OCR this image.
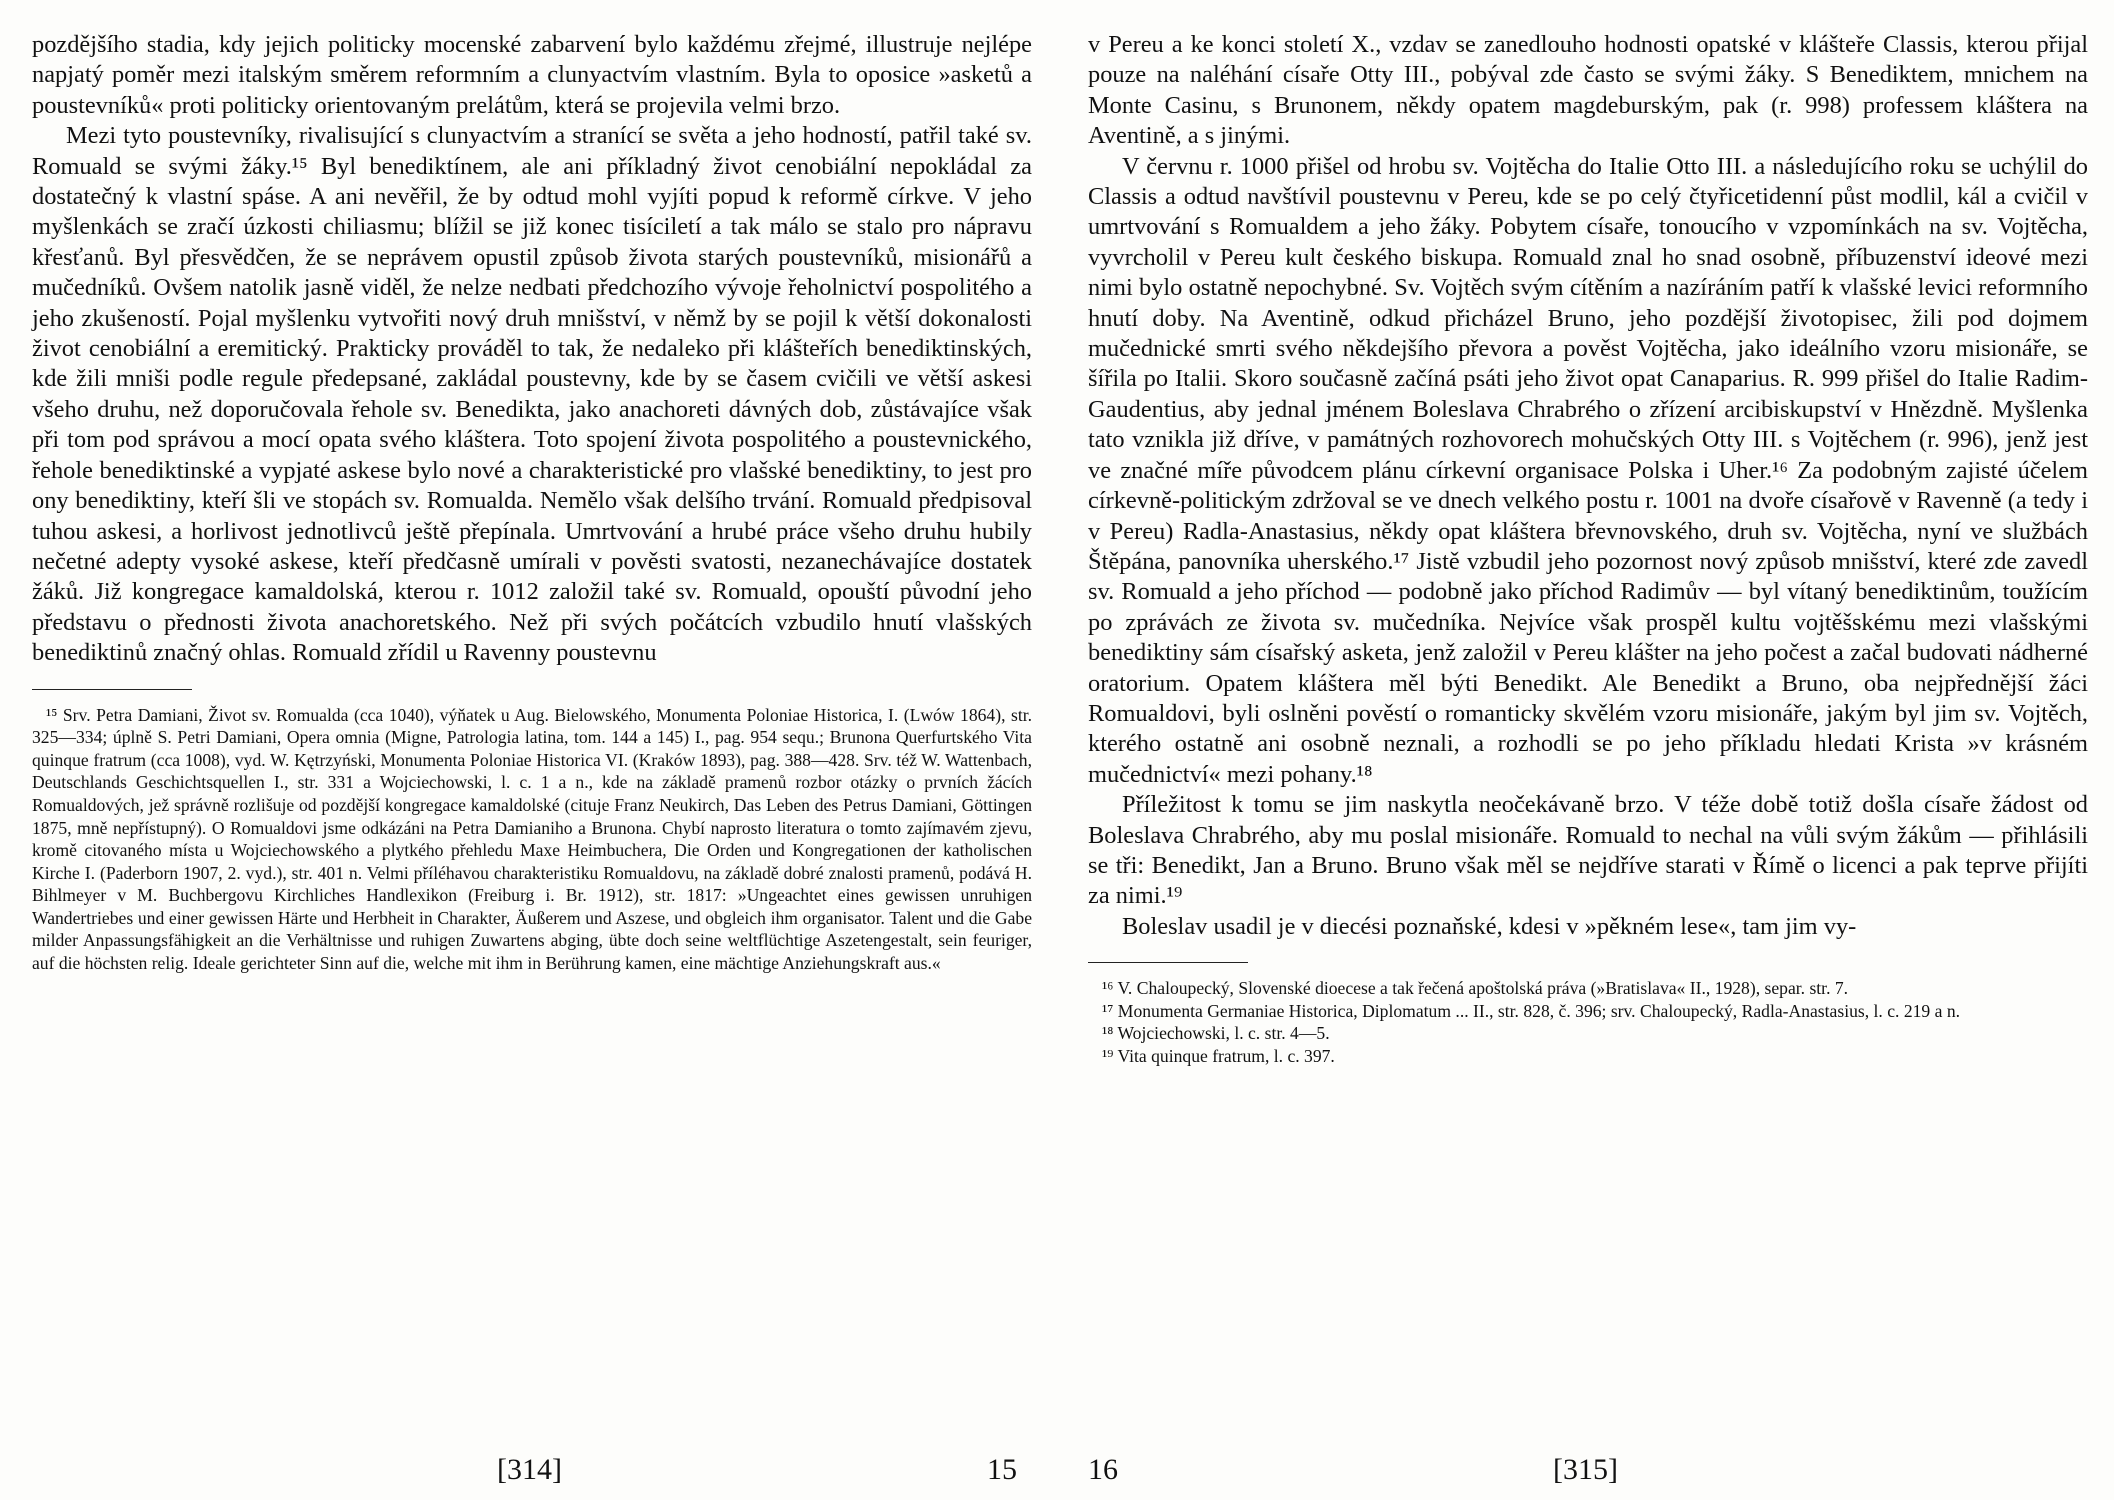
pozdějšího stadia, kdy jejich politicky mocenské zabarvení bylo každému zřejmé, illustruje nejlépe napjatý poměr mezi italským směrem reformním a clunyactvím vlastním. Byla to oposice »asketů a poustevníků« proti politicky orientovaným prelátům, která se projevila velmi brzo.

Mezi tyto poustevníky, rivalisující s clunyactvím a stranící se světa a jeho hodností, patřil také sv. Romuald se svými žáky.¹⁵ Byl benediktínem, ale ani příkladný život cenobiální nepokládal za dostatečný k vlastní spáse. A ani nevěřil, že by odtud mohl vyjíti popud k reformě církve. V jeho myšlenkách se zračí úzkosti chiliasmu; blížil se již konec tisíciletí a tak málo se stalo pro nápravu křesťanů. Byl přesvědčen, že se neprávem opustil způsob života starých poustevníků, misionářů a mučedníků. Ovšem natolik jasně viděl, že nelze nedbati předchozího vývoje řeholnictví pospolitého a jeho zkušeností. Pojal myšlenku vytvořiti nový druh mnišství, v němž by se pojil k větší dokonalosti život cenobiální a eremitický. Prakticky prováděl to tak, že nedaleko při klášteřích benediktinských, kde žili mniši podle regule předepsané, zakládal poustevny, kde by se časem cvičili ve větší askesi všeho druhu, než doporučovala řehole sv. Benedikta, jako anachoreti dávných dob, zůstávajíce však při tom pod správou a mocí opata svého kláštera. Toto spojení života pospolitého a poustevnického, řehole benediktinské a vypjaté askese bylo nové a charakteristické pro vlašské benediktiny, to jest pro ony benediktiny, kteří šli ve stopách sv. Romualda. Nemělo však delšího trvání. Romuald předpisoval tuhou askesi, a horlivost jednotlivců ještě přepínala. Umrtvování a hrubé práce všeho druhu hubily nečetné adepty vysoké askese, kteří předčasně umírali v pověsti svatosti, nezanechávajíce dostatek žáků. Již kongregace kamaldolská, kterou r. 1012 založil také sv. Romuald, opouští původní jeho představu o přednosti života anachoretského. Než při svých počátcích vzbudilo hnutí vlašských benediktinů značný ohlas. Romuald zřídil u Ravenny poustevnu

¹⁵ Srv. Petra Damiani, Život sv. Romualda (cca 1040), výňatek u Aug. Bielowského, Monumenta Poloniae Historica, I. (Lwów 1864), str. 325—334; úplně S. Petri Damiani, Opera omnia (Migne, Patrologia latina, tom. 144 a 145) I., pag. 954 sequ.; Brunona Querfurtského Vita quinque fratrum (cca 1008), vyd. W. Kętrzyński, Monumenta Poloniae Historica VI. (Kraków 1893), pag. 388—428. Srv. též W. Wattenbach, Deutschlands Geschichtsquellen I., str. 331 a Wojciechowski, l. c. 1 a n., kde na základě pramenů rozbor otázky o prvních žácích Romualdových, jež správně rozlišuje od pozdější kongregace kamaldolské (cituje Franz Neukirch, Das Leben des Petrus Damiani, Göttingen 1875, mně nepřístupný). O Romualdovi jsme odkázáni na Petra Damianiho a Brunona. Chybí naprosto literatura o tomto zajímavém zjevu, kromě citovaného místa u Wojciechowského a plytkého přehledu Maxe Heimbuchera, Die Orden und Kongregationen der katholischen Kirche I. (Paderborn 1907, 2. vyd.), str. 401 n. Velmi příléhavou charakteristiku Romualdovu, na základě dobré znalosti pramenů, podává H. Bihlmeyer v M. Buchbergovu Kirchliches Handlexikon (Freiburg i. Br. 1912), str. 1817: »Ungeachtet eines gewissen unruhigen Wandertriebes und einer gewissen Härte und Herbheit in Charakter, Äußerem und Aszese, und obgleich ihm organisator. Talent und die Gabe milder Anpassungsfähigkeit an die Verhältnisse und ruhigen Zuwartens abging, übte doch seine weltflüchtige Aszetengestalt, sein feuriger, auf die höchsten relig. Ideale gerichteter Sinn auf die, welche mit ihm in Berührung kamen, eine mächtige Anziehungskraft aus.«

[314]	15

v Pereu a ke konci století X., vzdav se zanedlouho hodnosti opatské v klášteře Classis, kterou přijal pouze na naléhání císaře Otty III., pobýval zde často se svými žáky. S Benediktem, mnichem na Monte Casinu, s Brunonem, někdy opatem magdeburským, pak (r. 998) professem kláštera na Aventině, a s jinými.

V červnu r. 1000 přišel od hrobu sv. Vojtěcha do Italie Otto III. a následujícího roku se uchýlil do Classis a odtud navštívil poustevnu v Pereu, kde se po celý čtyřicetidenní půst modlil, kál a cvičil v umrtvování s Romualdem a jeho žáky. Pobytem císaře, tonoucího v vzpomínkách na sv. Vojtěcha, vyvrcholil v Pereu kult českého biskupa. Romuald znal ho snad osobně, příbuzenství ideové mezi nimi bylo ostatně nepochybné. Sv. Vojtěch svým cítěním a nazíráním patří k vlašské levici reformního hnutí doby. Na Aventině, odkud přicházel Bruno, jeho pozdější životopisec, žili pod dojmem mučednické smrti svého někdejšího převora a pověst Vojtěcha, jako ideálního vzoru misionáře, se šířila po Italii. Skoro současně začíná psáti jeho život opat Canaparius. R. 999 přišel do Italie Radim-Gaudentius, aby jednal jménem Boleslava Chrabrého o zřízení arcibiskupství v Hnězdně. Myšlenka tato vznikla již dříve, v památných rozhovorech mohučských Otty III. s Vojtěchem (r. 996), jenž jest ve značné míře původcem plánu církevní organisace Polska i Uher.¹⁶ Za podobným zajisté účelem církevně-politickým zdržoval se ve dnech velkého postu r. 1001 na dvoře císařově v Ravenně (a tedy i v Pereu) Radla-Anastasius, někdy opat kláštera břevnovského, druh sv. Vojtěcha, nyní ve službách Štěpána, panovníka uherského.¹⁷ Jistě vzbudil jeho pozornost nový způsob mnišství, které zde zavedl sv. Romuald a jeho příchod — podobně jako příchod Radimův — byl vítaný benediktinům, toužícím po zprávách ze života sv. mučedníka. Nejvíce však prospěl kultu vojtěšskému mezi vlašskými benediktiny sám císařský asketa, jenž založil v Pereu klášter na jeho počest a začal budovati nádherné oratorium. Opatem kláštera měl býti Benedikt. Ale Benedikt a Bruno, oba nejpřednější žáci Romualdovi, byli oslněni pověstí o romanticky skvělém vzoru misionáře, jakým byl jim sv. Vojtěch, kterého ostatně ani osobně neznali, a rozhodli se po jeho příkladu hledati Krista »v krásném mučednictví« mezi pohany.¹⁸

Příležitost k tomu se jim naskytla neočekávaně brzo. V téže době totiž došla císaře žádost od Boleslava Chrabrého, aby mu poslal misionáře. Romuald to nechal na vůli svým žákům — přihlásili se tři: Benedikt, Jan a Bruno. Bruno však měl se nejdříve starati v Římě o licenci a pak teprve přijíti za nimi.¹⁹

Boleslav usadil je v diecési poznaňské, kdesi v »pěkném lese«, tam jim vy-

¹⁶ V. Chaloupecký, Slovenské dioecese a tak řečená apoštolská práva (»Bratislava« II., 1928), separ. str. 7.

¹⁷ Monumenta Germaniae Historica, Diplomatum ... II., str. 828, č. 396; srv. Chaloupecký, Radla-Anastasius, l. c. 219 a n.

¹⁸ Wojciechowski, l. c. str. 4—5.

¹⁹ Vita quinque fratrum, l. c. 397.

16	[315]
